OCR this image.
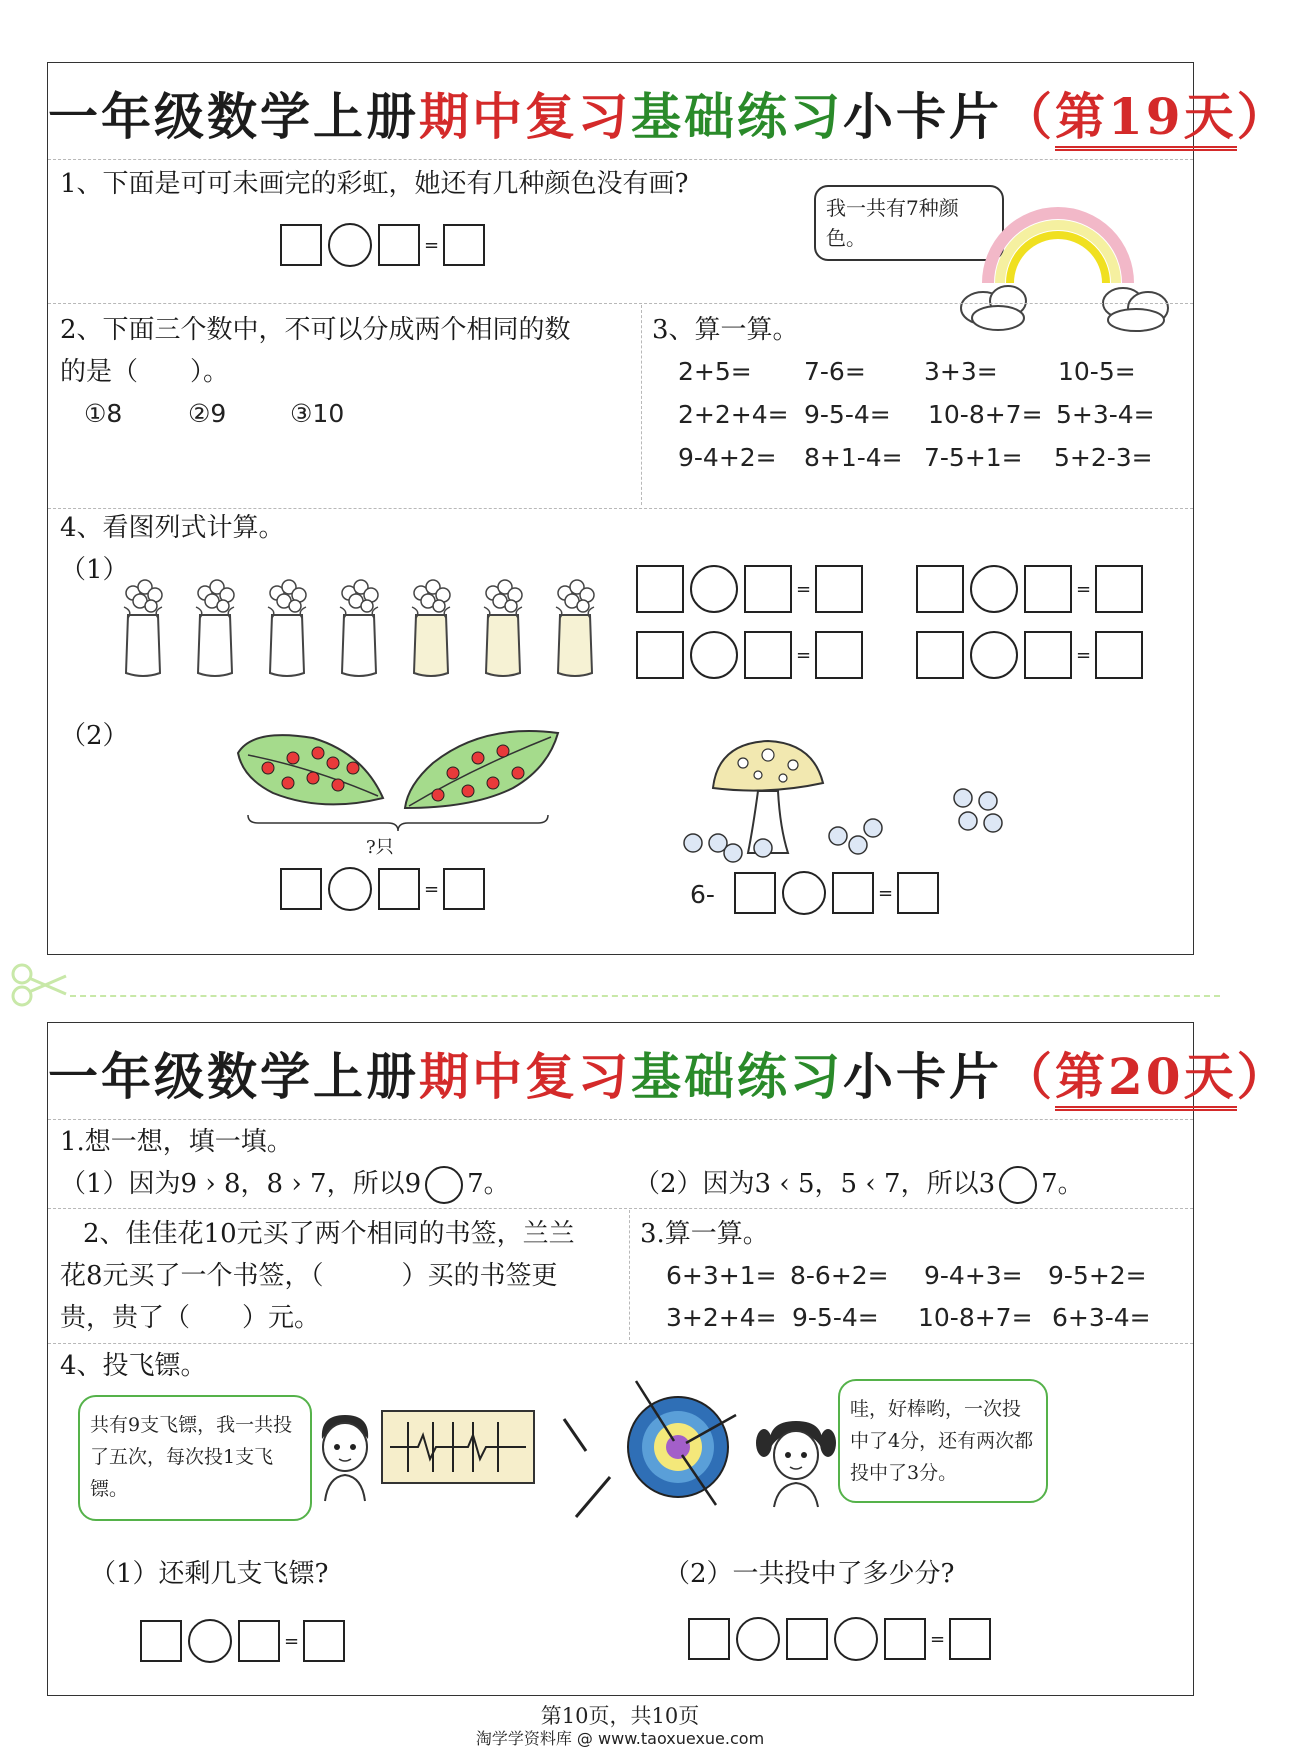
一年级数学上册期中复习基础练习小卡片（第19天）
1、下面是可可未画完的彩虹，她还有几种颜色没有画?
=
我一共有7种颜色。
2、下面三个数中，不可以分成两个相同的数
的是（　　）。
①8	②9	③10
3、算一算。
2+5= 7-6= 3+3= 10-5=
2+2+4= 9-5-4= 10-8+7= 5+3-4=
9-4+2= 8+1-4= 7-5+1= 5+2-3=
4、看图列式计算。
（1）
=	=
=	=
（2）
?只
=	6-	=
一年级数学上册期中复习基础练习小卡片（第20天）
1.想一想，填一填。
（1）因为9 › 8，8 › 7，所以9 7。	（2）因为3 ‹ 5，5 ‹ 7，所以3 7。
2、佳佳花10元买了两个相同的书签，兰兰
花8元买了一个书签，（　　　）买的书签更
贵，贵了（　　）元。
3.算一算。
6+3+1= 8-6+2= 9-4+3= 9-5+2=
3+2+4= 9-5-4= 10-8+7= 6+3-4=
4、投飞镖。
共有9支飞镖，我一共投了五次，每次投1支飞镖。
哇，好棒哟，一次投中了4分，还有两次都投中了3分。
（1）还剩几支飞镖?	（2）一共投中了多少分?
=	=
第10页，共10页
淘学学资料库 @ www.taoxuexue.com
